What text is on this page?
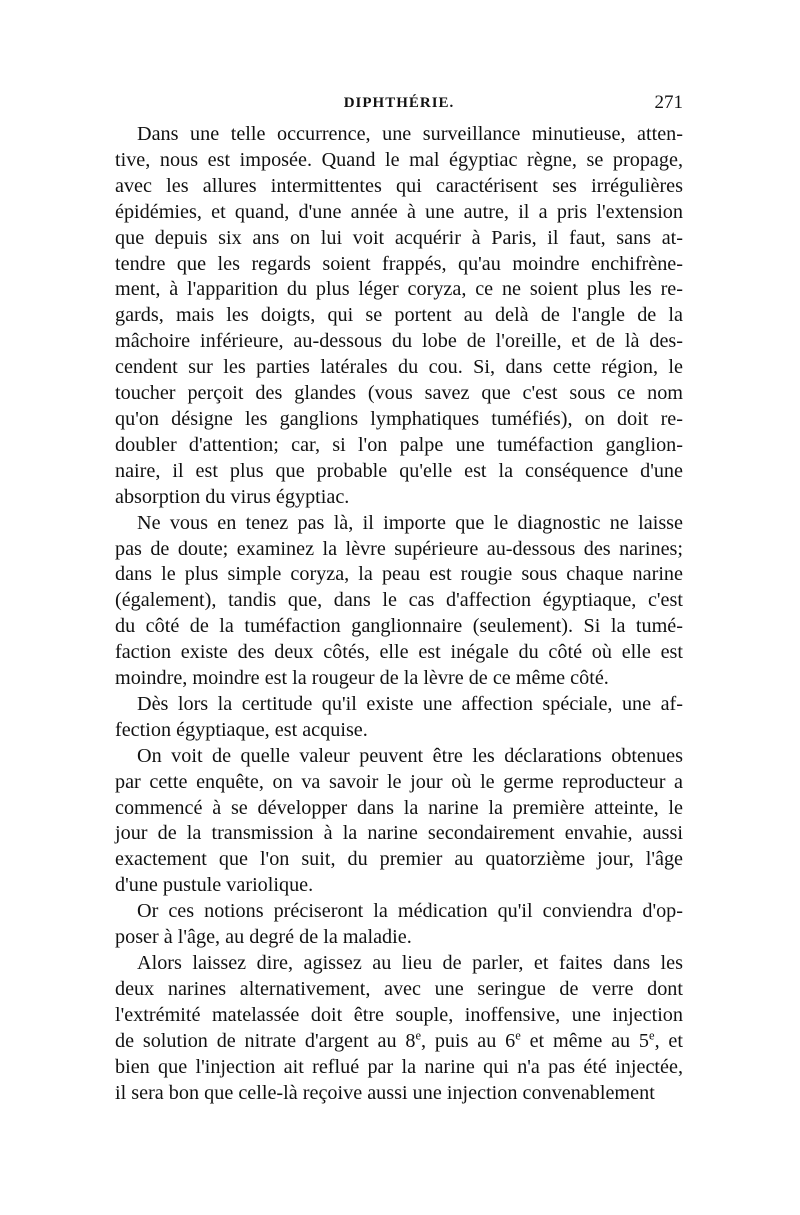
DIPHTHÉRIE.	271

Dans une telle occurrence, une surveillance minutieuse, atten-
tive, nous est imposée. Quand le mal égyptiac règne, se propage,
avec les allures intermittentes qui caractérisent ses irrégulières
épidémies, et quand, d'une année à une autre, il a pris l'extension
que depuis six ans on lui voit acquérir à Paris, il faut, sans at-
tendre que les regards soient frappés, qu'au moindre enchifrène-
ment, à l'apparition du plus léger coryza, ce ne soient plus les re-
gards, mais les doigts, qui se portent au delà de l'angle de la
mâchoire inférieure, au-dessous du lobe de l'oreille, et de là des-
cendent sur les parties latérales du cou. Si, dans cette région, le
toucher perçoit des glandes (vous savez que c'est sous ce nom
qu'on désigne les ganglions lymphatiques tuméfiés), on doit re-
doubler d'attention; car, si l'on palpe une tuméfaction ganglion-
naire, il est plus que probable qu'elle est la conséquence d'une
absorption du virus égyptiac.

Ne vous en tenez pas là, il importe que le diagnostic ne laisse
pas de doute; examinez la lèvre supérieure au-dessous des narines;
dans le plus simple coryza, la peau est rougie sous chaque narine
(également), tandis que, dans le cas d'affection égyptiaque, c'est
du côté de la tuméfaction ganglionnaire (seulement). Si la tumé-
faction existe des deux côtés, elle est inégale du côté où elle est
moindre, moindre est la rougeur de la lèvre de ce même côté.

Dès lors la certitude qu'il existe une affection spéciale, une af-
fection égyptiaque, est acquise.

On voit de quelle valeur peuvent être les déclarations obtenues
par cette enquête, on va savoir le jour où le germe reproducteur a
commencé à se développer dans la narine la première atteinte, le
jour de la transmission à la narine secondairement envahie, aussi
exactement que l'on suit, du premier au quatorzième jour, l'âge
d'une pustule variolique.

Or ces notions préciseront la médication qu'il conviendra d'op-
poser à l'âge, au degré de la maladie.

Alors laissez dire, agissez au lieu de parler, et faites dans les
deux narines alternativement, avec une seringue de verre dont
l'extrémité matelassée doit être souple, inoffensive, une injection
de solution de nitrate d'argent au 8e, puis au 6e et même au 5e, et
bien que l'injection ait reflué par la narine qui n'a pas été injectée,
il sera bon que celle-là reçoive aussi une injection convenablement
